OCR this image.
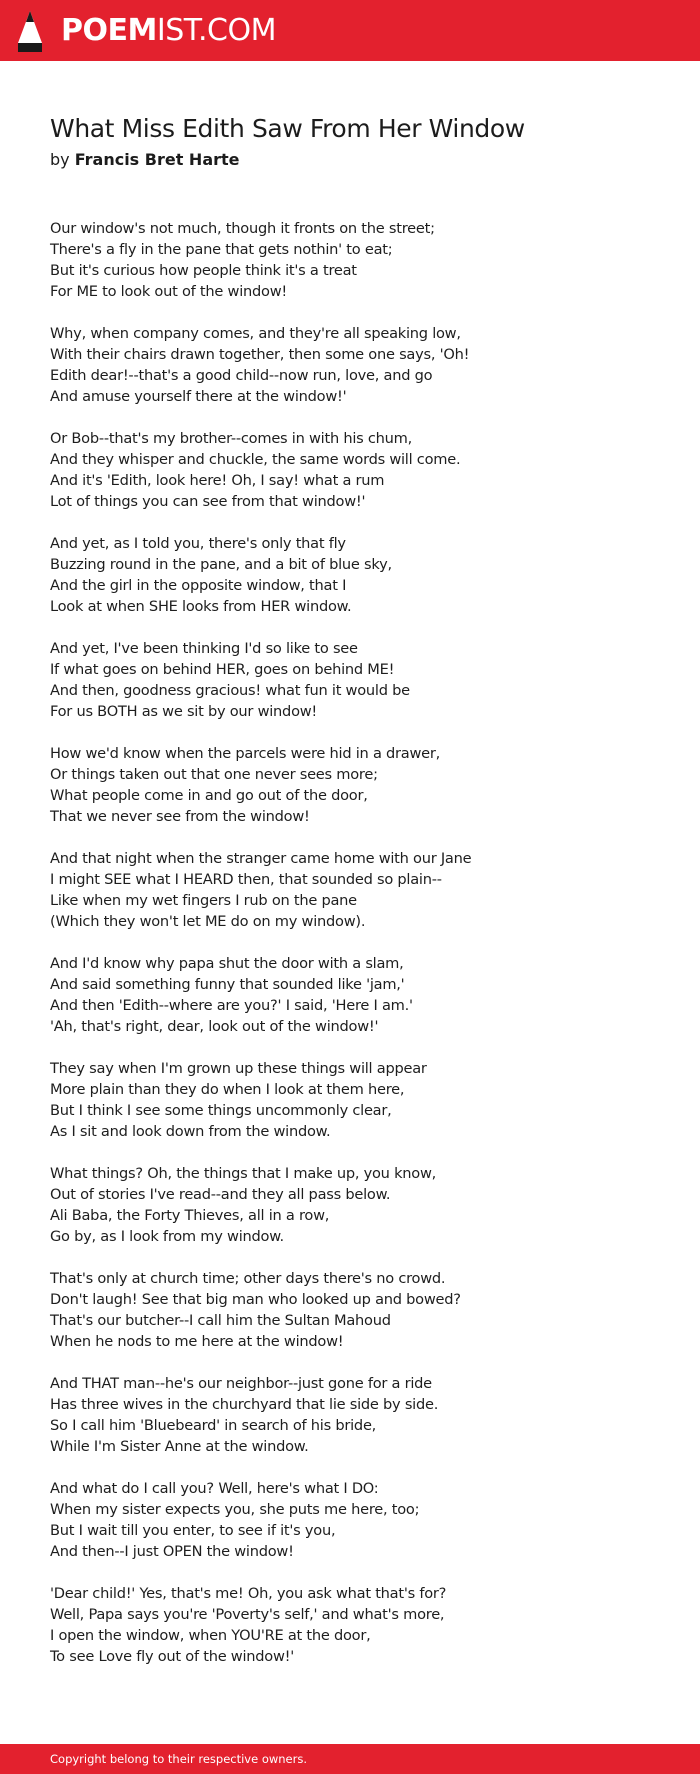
POEMIST.COM
What Miss Edith Saw From Her Window
by Francis Bret Harte
Our window's not much, though it fronts on the street;
There's a fly in the pane that gets nothin' to eat;
But it's curious how people think it's a treat
For ME to look out of the window!
Why, when company comes, and they're all speaking low,
With their chairs drawn together, then some one says, 'Oh!
Edith dear!--that's a good child--now run, love, and go
And amuse yourself there at the window!'
Or Bob--that's my brother--comes in with his chum,
And they whisper and chuckle, the same words will come.
And it's 'Edith, look here! Oh, I say! what a rum
Lot of things you can see from that window!'
And yet, as I told you, there's only that fly
Buzzing round in the pane, and a bit of blue sky,
And the girl in the opposite window, that I
Look at when SHE looks from HER window.
And yet, I've been thinking I'd so like to see
If what goes on behind HER, goes on behind ME!
And then, goodness gracious! what fun it would be
For us BOTH as we sit by our window!
How we'd know when the parcels were hid in a drawer,
Or things taken out that one never sees more;
What people come in and go out of the door,
That we never see from the window!
And that night when the stranger came home with our Jane
I might SEE what I HEARD then, that sounded so plain--
Like when my wet fingers I rub on the pane
(Which they won't let ME do on my window).
And I'd know why papa shut the door with a slam,
And said something funny that sounded like 'jam,'
And then 'Edith--where are you?' I said, 'Here I am.'
'Ah, that's right, dear, look out of the window!'
They say when I'm grown up these things will appear
More plain than they do when I look at them here,
But I think I see some things uncommonly clear,
As I sit and look down from the window.
What things? Oh, the things that I make up, you know,
Out of stories I've read--and they all pass below.
Ali Baba, the Forty Thieves, all in a row,
Go by, as I look from my window.
That's only at church time; other days there's no crowd.
Don't laugh! See that big man who looked up and bowed?
That's our butcher--I call him the Sultan Mahoud
When he nods to me here at the window!
And THAT man--he's our neighbor--just gone for a ride
Has three wives in the churchyard that lie side by side.
So I call him 'Bluebeard' in search of his bride,
While I'm Sister Anne at the window.
And what do I call you? Well, here's what I DO:
When my sister expects you, she puts me here, too;
But I wait till you enter, to see if it's you,
And then--I just OPEN the window!
'Dear child!' Yes, that's me! Oh, you ask what that's for?
Well, Papa says you're 'Poverty's self,' and what's more,
I open the window, when YOU'RE at the door,
To see Love fly out of the window!'
Copyright belong to their respective owners.
